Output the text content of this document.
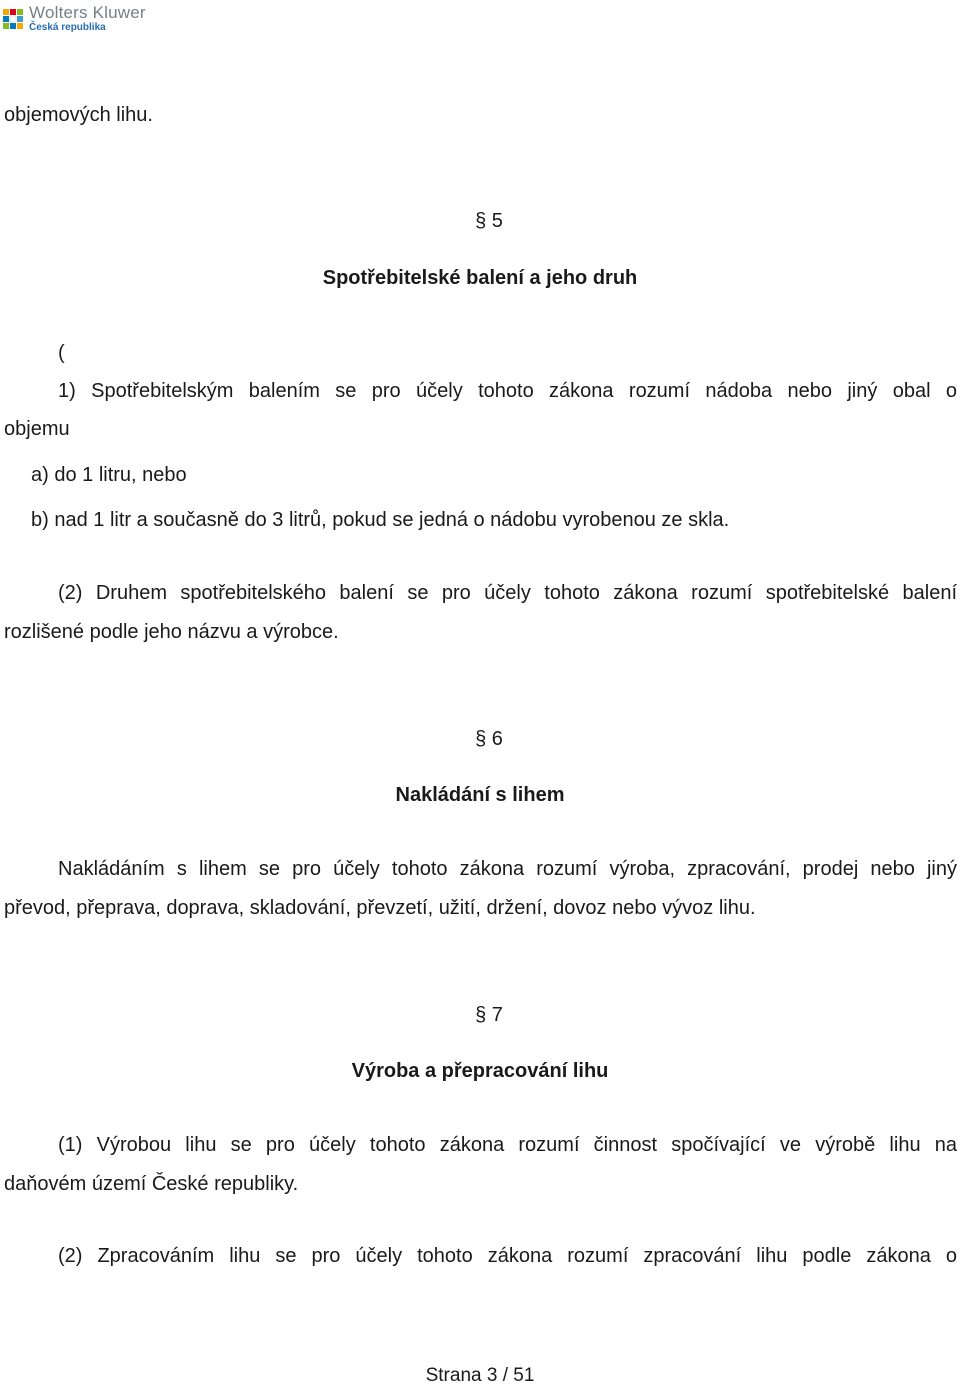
Wolters Kluwer
Česká republika
objemových lihu.
§ 5
Spotřebitelské balení a jeho druh
(
1) Spotřebitelským balením se pro účely tohoto zákona rozumí nádoba nebo jiný obal o
objemu
a) do 1 litru, nebo
b) nad 1 litr a současně do 3 litrů, pokud se jedná o nádobu vyrobenou ze skla.
(2) Druhem spotřebitelského balení se pro účely tohoto zákona rozumí spotřebitelské balení
rozlišené podle jeho názvu a výrobce.
§ 6
Nakládání s lihem
Nakládáním s lihem se pro účely tohoto zákona rozumí výroba, zpracování, prodej nebo jiný
převod, přeprava, doprava, skladování, převzetí, užití, držení, dovoz nebo vývoz lihu.
§ 7
Výroba a přepracování lihu
(1) Výrobou lihu se pro účely tohoto zákona rozumí činnost spočívající ve výrobě lihu na
daňovém území České republiky.
(2) Zpracováním lihu se pro účely tohoto zákona rozumí zpracování lihu podle zákona o
Strana 3 / 51
